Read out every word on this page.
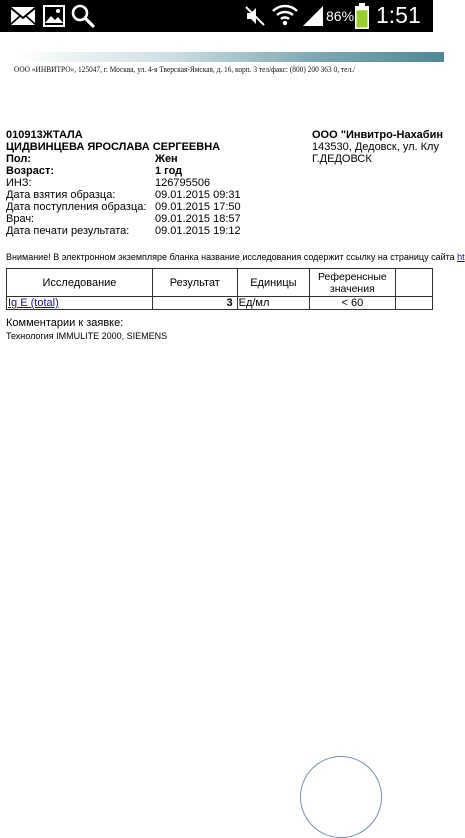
86% 1:51
ООО «ИНВИТРО», 125047, г. Москва, ул. 4-я Тверская-Ямская, д. 16, корп. 3 тел/факс: (800) 200 363 0, тел./
010913ЖТАЛА
ЦИДВИНЦЕВА ЯРОСЛАВА СЕРГЕЕВНА
ООО "Инвитро-Нахабин
143530, Дедовск, ул. Клу
Г.ДЕДОВСК
Пол:	Жен
Возраст:	1 год
ИНЗ:	126795506
Дата взятия образца:	09.01.2015 09:31
Дата поступления образца: 09.01.2015 17:50
Врач:	09.01.2015 18:57
Дата печати результата: 09.01.2015 19:12
Внимание! В электронном экземпляре бланка название исследования содержит ссылку на страницу сайта ht
Исследование	Результат	Единицы	Референсные значения	
Ig E (total)	3	Ед/мл	< 60	
Комментарии к заявке:
Технология IMMULITE 2000, SIEMENS
